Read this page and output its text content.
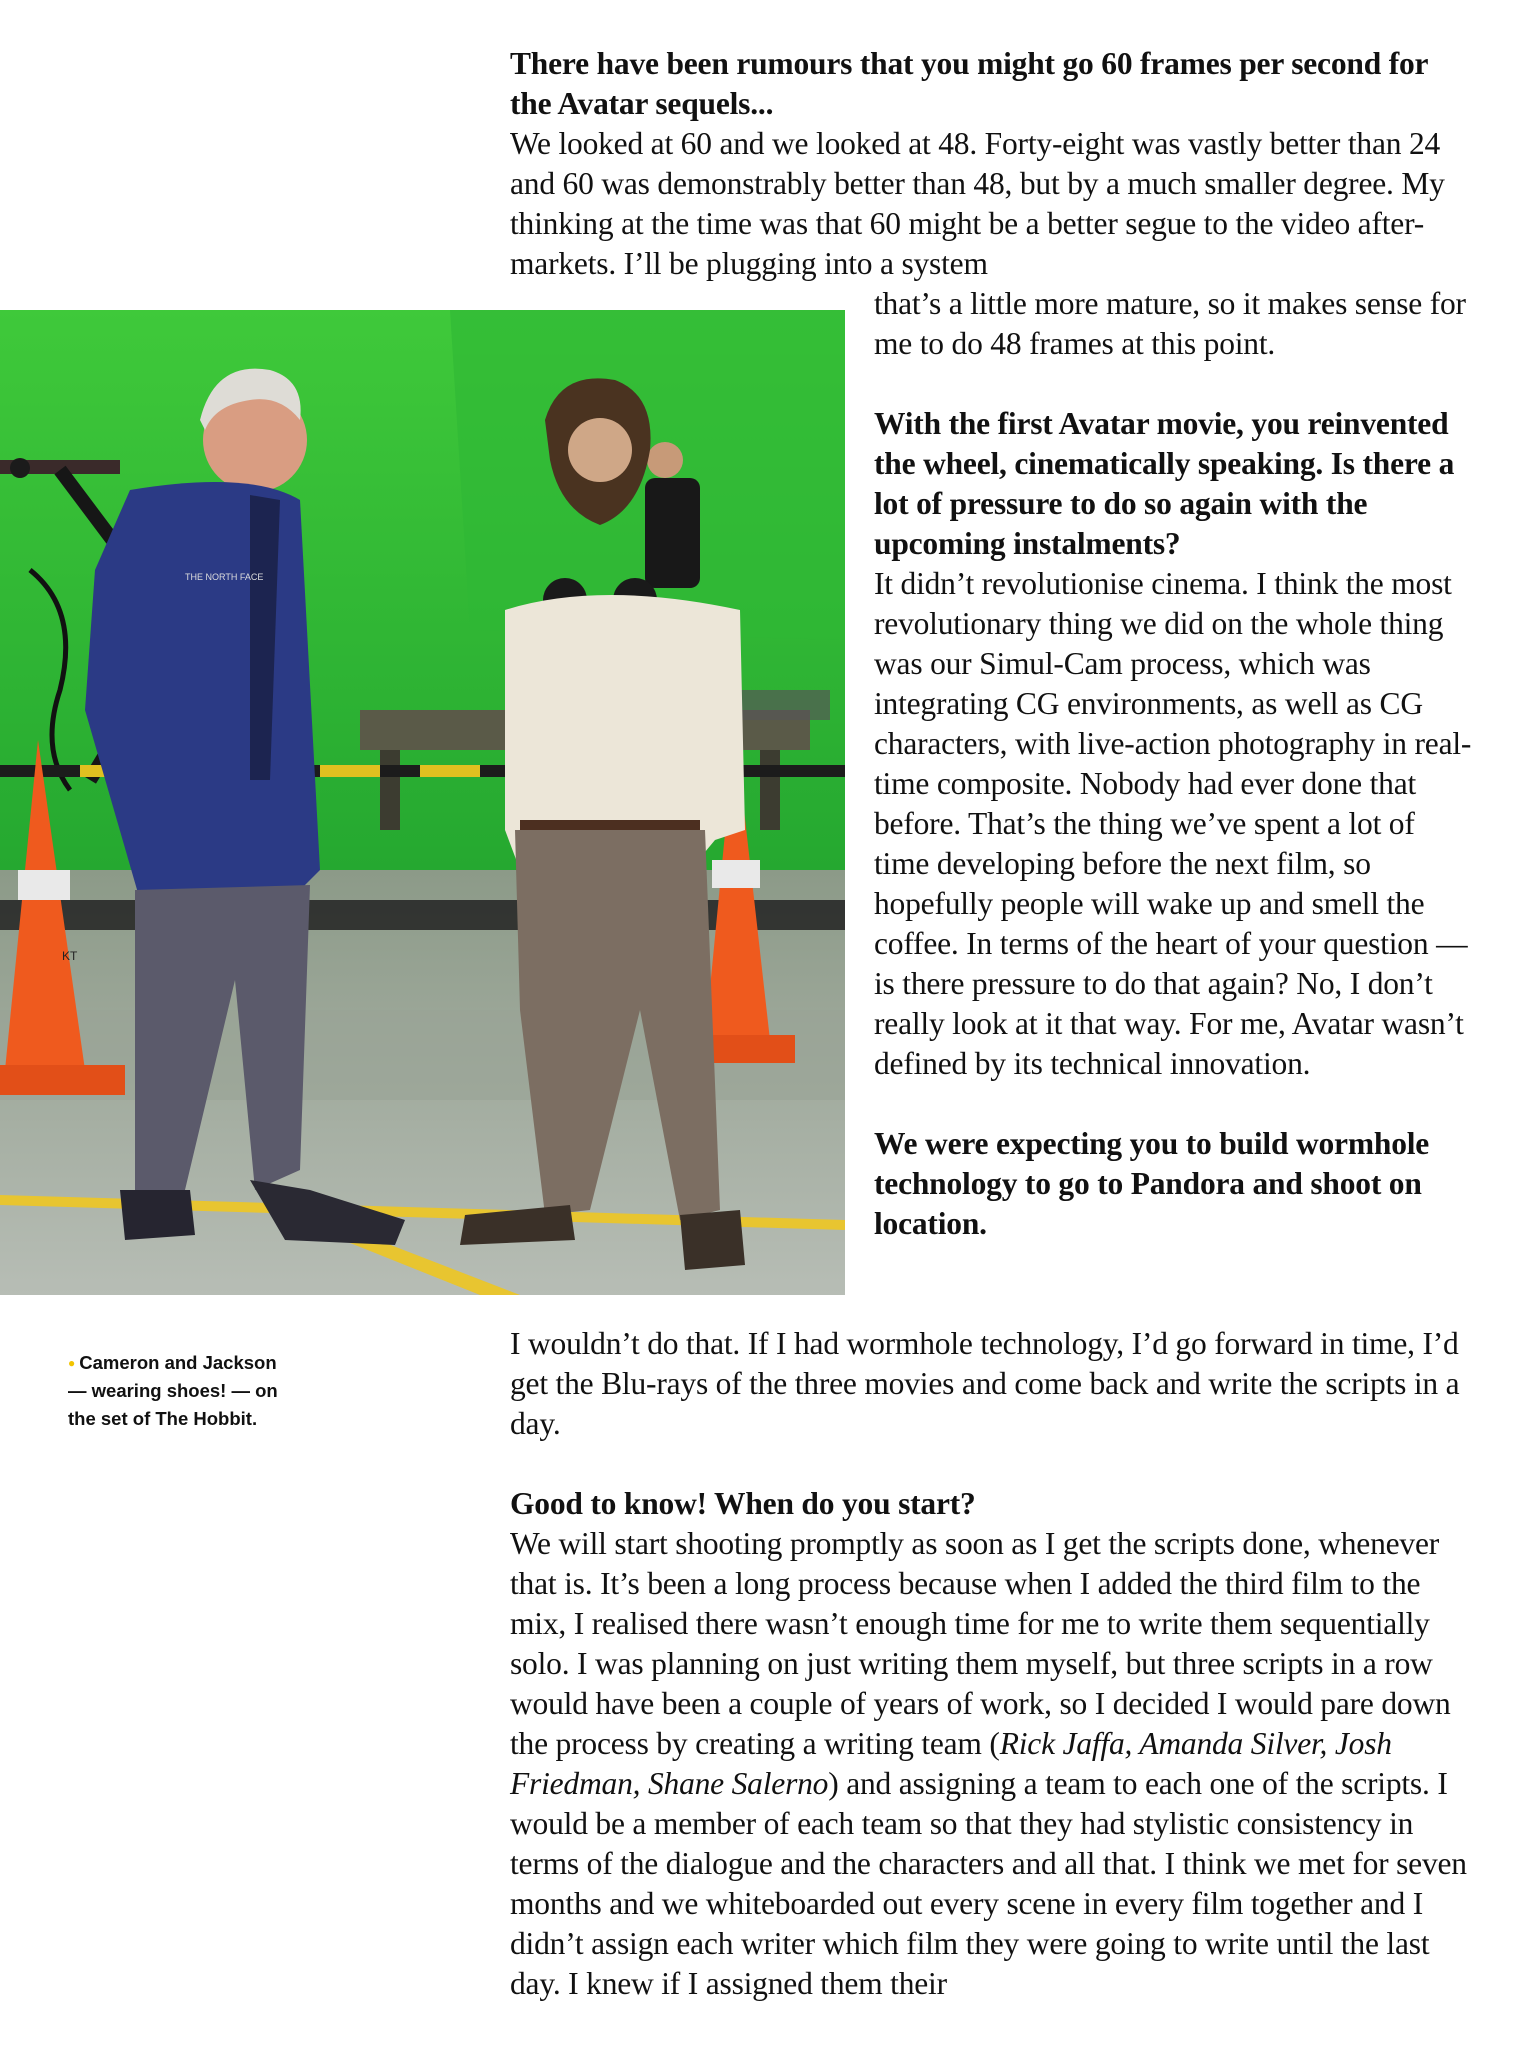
There have been rumours that you might go 60 frames per second for the Avatar sequels...
We looked at 60 and we looked at 48. Forty-eight was vastly better than 24 and 60 was demonstrably better than 48, but by a much smaller degree. My thinking at the time was that 60 might be a better segue to the video after-markets. I’ll be plugging into a system
that’s a little more mature, so it makes sense for me to do 48 frames at this point.
With the first Avatar movie, you reinvented the wheel, cinematically speaking. Is there a lot of pressure to do so again with the upcoming instalments?
It didn’t revolutionise cinema. I think the most revolutionary thing we did on the whole thing was our Simul-Cam process, which was integrating CG environments, as well as CG characters, with live-action photography in real-time composite. Nobody had ever done that before. That’s the thing we’ve spent a lot of time developing before the next film, so hopefully people will wake up and smell the coffee. In terms of the heart of your question — is there pressure to do that again? No, I don’t really look at it that way. For me, Avatar wasn’t defined by its technical innovation.
We were expecting you to build wormhole technology to go to Pandora and shoot on location.
I wouldn’t do that. If I had wormhole technology, I’d go forward in time, I’d get the Blu-rays of the three movies and come back and write the scripts in a day.
Good to know! When do you start?
We will start shooting promptly as soon as I get the scripts done, whenever that is. It’s been a long process because when I added the third film to the mix, I realised there wasn’t enough time for me to write them sequentially solo. I was planning on just writing them myself, but three scripts in a row would have been a couple of years of work, so I decided I would pare down the process by creating a writing team (Rick Jaffa, Amanda Silver, Josh Friedman, Shane Salerno) and assigning a team to each one of the scripts. I would be a member of each team so that they had stylistic consistency in terms of the dialogue and the characters and all that. I think we met for seven months and we whiteboarded out every scene in every film together and I didn’t assign each writer which film they were going to write until the last day. I knew if I assigned them their
KT
THE NORTH FACE
● Cameron and Jackson — wearing shoes! — on the set of The Hobbit.
